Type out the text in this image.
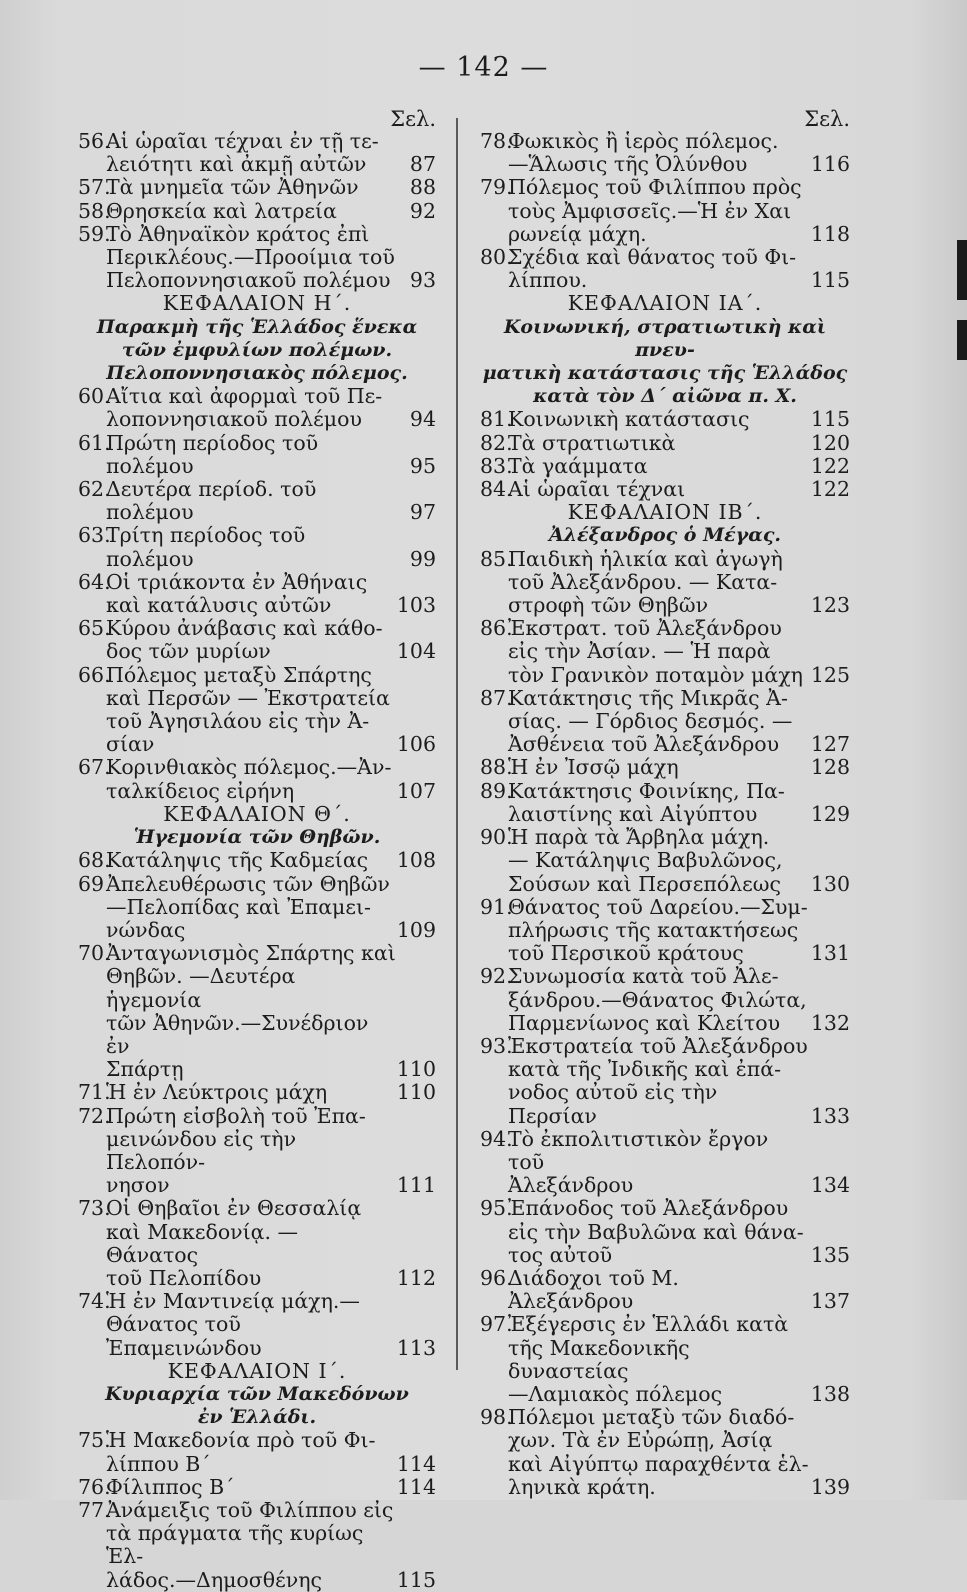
— 142 —
Σελ.
56.
Αἱ ὡραῖαι τέχναι ἐν τῇ τε-
λειότητι καὶ ἀκμῇ αὐτῶν	87
57.
Τὰ μνημεῖα τῶν Ἀθηνῶν	88
58.
Θρησκεία καὶ λατρεία	92
59.
Τὸ Ἀθηναϊκὸν κράτος ἐπὶ
Περικλέους.—Προοίμια τοῦ
Πελοποννησιακοῦ πολέμου 93
ΚΕΦΑΛΑΙΟΝ Η΄.
Παρακμὴ τῆς Ἑλλάδος ἕνεκα
τῶν ἐμφυλίων πολέμων.
Πελοποννησιακὸς πόλεμος.
60.
Αἴτια καὶ ἀφορμαὶ τοῦ Πε-
λοποννησιακοῦ πολέμου	94
61.
Πρώτη περίοδος τοῦ πολέμου	95
62.
Δευτέρα περίοδ. τοῦ πολέμου	97
63.
Τρίτη περίοδος τοῦ πολέμου	99
64.
Οἱ τριάκοντα ἐν Ἀθήναις
καὶ κατάλυσις αὐτῶν	103
65.
Κύρου ἀνάβασις καὶ κάθο-
δος τῶν μυρίων	104
66.
Πόλεμος μεταξὺ Σπάρτης
καὶ Περσῶν — Ἐκστρατεία
τοῦ Ἀγησιλάου εἰς τὴν Ἀ-
σίαν	106
67.
Κορινθιακὸς πόλεμος.—Ἀν-
ταλκίδειος εἰρήνη	107
ΚΕΦΑΛΑΙΟΝ Θ΄.
Ἡγεμονία τῶν Θηβῶν.
68.
Κατάληψις τῆς Καδμείας	108
69 Ἀπελευθέρωσις τῶν Θηβῶν
—Πελοπίδας καὶ Ἐπαμει-
νώνδας	109
70.
Ἀνταγωνισμὸς Σπάρτης καὶ
Θηβῶν. —Δευτέρα ἡγεμονία
τῶν Ἀθηνῶν.—Συνέδριον ἐν
Σπάρτῃ	110
71.
Ἡ ἐν Λεύκτροις μάχη	110
72.
Πρώτη εἰσβολὴ τοῦ Ἐπα-
μεινώνδου εἰς τὴν Πελοπόν-
νησον	111
73.
Οἱ Θηβαῖοι ἐν Θεσσαλίᾳ
καὶ Μακεδονίᾳ. — Θάνατος
τοῦ Πελοπίδου	112
74.
Ἡ ἐν Μαντινείᾳ μάχη.—
Θάνατος τοῦ Ἐπαμεινώνδου	113
ΚΕΦΑΛΑΙΟΝ Ι΄.
Κυριαρχία τῶν Μακεδόνων
ἐν Ἑλλάδι.
75.
Ἡ Μακεδονία πρὸ τοῦ Φι-
λίππου Β΄	114
76.
Φίλιππος Β΄	114
77.
Ἀνάμειξις τοῦ Φιλίππου εἰς
τὰ πράγματα τῆς κυρίως Ἑλ-
λάδος.—Δημοσθένης	115
Σελ.
78.
Φωκικὸς ἢ ἱερὸς πόλεμος.
—Ἅλωσις τῆς Ὀλύνθου	116
79.
Πόλεμος τοῦ Φιλίππου πρὸς
τοὺς Ἀμφισσεῖς.—Ἡ ἐν Χαι
ρωνείᾳ μάχη.	118
80.
Σχέδια καὶ θάνατος τοῦ Φι-
λίππου.	115
ΚΕΦΑΛΑΙΟΝ ΙΑ΄.
Κοινωνική, στρατιωτικὴ καὶ πνευ-
ματικὴ κατάστασις τῆς Ἑλλάδος
κατὰ τὸν Δ΄ αἰῶνα π. Χ.
81.
Κοινωνικὴ κατάστασις	115
82.
Τὰ στρατιωτικὰ	120
83.
Τὰ γαάμματα	122
84.
Αἱ ὡραῖαι τέχναι	122
ΚΕΦΑΛΑΙΟΝ ΙΒ΄.
Ἀλέξανδρος ὁ Μέγας.
85.
Παιδικὴ ἡλικία καὶ ἀγωγὴ
τοῦ Ἀλεξάνδρου. — Κατα-
στροφὴ τῶν Θηβῶν	123
86.
Ἐκστρατ. τοῦ Ἀλεξάνδρου
εἰς τὴν Ἀσίαν. — Ἡ παρὰ
τὸν Γρανικὸν ποταμὸν μάχη 125
87.
Κατάκτησις τῆς Μικρᾶς Ἀ-
σίας. — Γόρδιος δεσμός. —
Ἀσθένεια τοῦ Ἀλεξάνδρου	127
88.
Ἡ ἐν Ἰσσῷ μάχη	128
89.
Κατάκτησις Φοινίκης, Πα-
λαιστίνης καὶ Αἰγύπτου	129
90.
Ἡ παρὰ τὰ Ἄρβηλα μάχη.
— Κατάληψις Βαβυλῶνος,
Σούσων καὶ Περσεπόλεως	130
91.
Θάνατος τοῦ Δαρείου.—Συμ-
πλήρωσις τῆς κατακτήσεως
τοῦ Περσικοῦ κράτους	131
92.
Συνωμοσία κατὰ τοῦ Ἀλε-
ξάνδρου.—Θάνατος Φιλώτα,
Παρμενίωνος καὶ Κλείτου	132
93.
Ἐκστρατεία τοῦ Ἀλεξάνδρου
κατὰ τῆς Ἰνδικῆς καὶ ἐπά-
νοδος αὐτοῦ εἰς τὴν Περσίαν	133
94.
Τὸ ἐκπολιτιστικὸν ἔργον τοῦ
Ἀλεξάνδρου	134
95.
Ἐπάνοδος τοῦ Ἀλεξάνδρου
εἰς τὴν Βαβυλῶνα καὶ θάνα-
τος αὐτοῦ	135
96.
Διάδοχοι τοῦ Μ. Ἀλεξάνδρου	137
97.
Ἐξέγερσις ἐν Ἑλλάδι κατὰ
τῆς Μακεδονικῆς δυναστείας
—Λαμιακὸς πόλεμος	138
98.
Πόλεμοι μεταξὺ τῶν διαδό-
χων. Τὰ ἐν Εὐρώπῃ, Ἀσίᾳ
καὶ Αἰγύπτῳ παραχθέντα ἑλ-
ληνικὰ κράτη.	139
